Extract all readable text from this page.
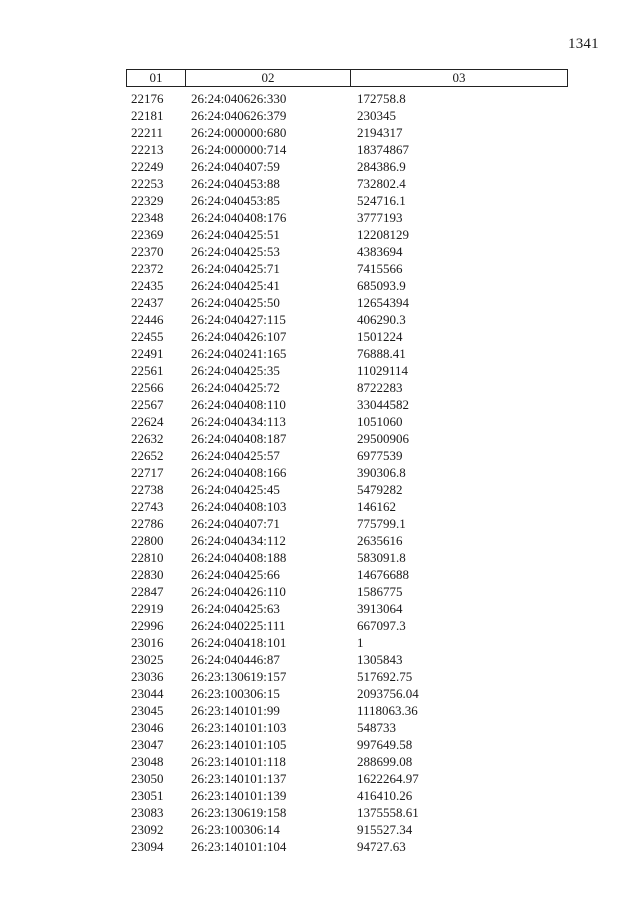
1341
01	02	03
22176 26:24:040626:330	172758.8
22181 26:24:040626:379	230345
22211 26:24:000000:680	2194317
22213 26:24:000000:714	18374867
22249 26:24:040407:59	284386.9
22253 26:24:040453:88	732802.4
22329 26:24:040453:85	524716.1
22348 26:24:040408:176	3777193
22369 26:24:040425:51	12208129
22370 26:24:040425:53	4383694
22372 26:24:040425:71	7415566
22435 26:24:040425:41	685093.9
22437 26:24:040425:50	12654394
22446 26:24:040427:115	406290.3
22455 26:24:040426:107	1501224
22491 26:24:040241:165	76888.41
22561 26:24:040425:35	11029114
22566 26:24:040425:72	8722283
22567 26:24:040408:110	33044582
22624 26:24:040434:113	1051060
22632 26:24:040408:187	29500906
22652 26:24:040425:57	6977539
22717 26:24:040408:166	390306.8
22738 26:24:040425:45	5479282
22743 26:24:040408:103	146162
22786 26:24:040407:71	775799.1
22800 26:24:040434:112	2635616
22810 26:24:040408:188	583091.8
22830 26:24:040425:66	14676688
22847 26:24:040426:110	1586775
22919 26:24:040425:63	3913064
22996 26:24:040225:111	667097.3
23016 26:24:040418:101	1
23025 26:24:040446:87	1305843
23036 26:23:130619:157	517692.75
23044 26:23:100306:15	2093756.04
23045 26:23:140101:99	1118063.36
23046 26:23:140101:103	548733
23047 26:23:140101:105	997649.58
23048 26:23:140101:118	288699.08
23050 26:23:140101:137	1622264.97
23051 26:23:140101:139	416410.26
23083 26:23:130619:158	1375558.61
23092 26:23:100306:14	915527.34
23094 26:23:140101:104	94727.63
